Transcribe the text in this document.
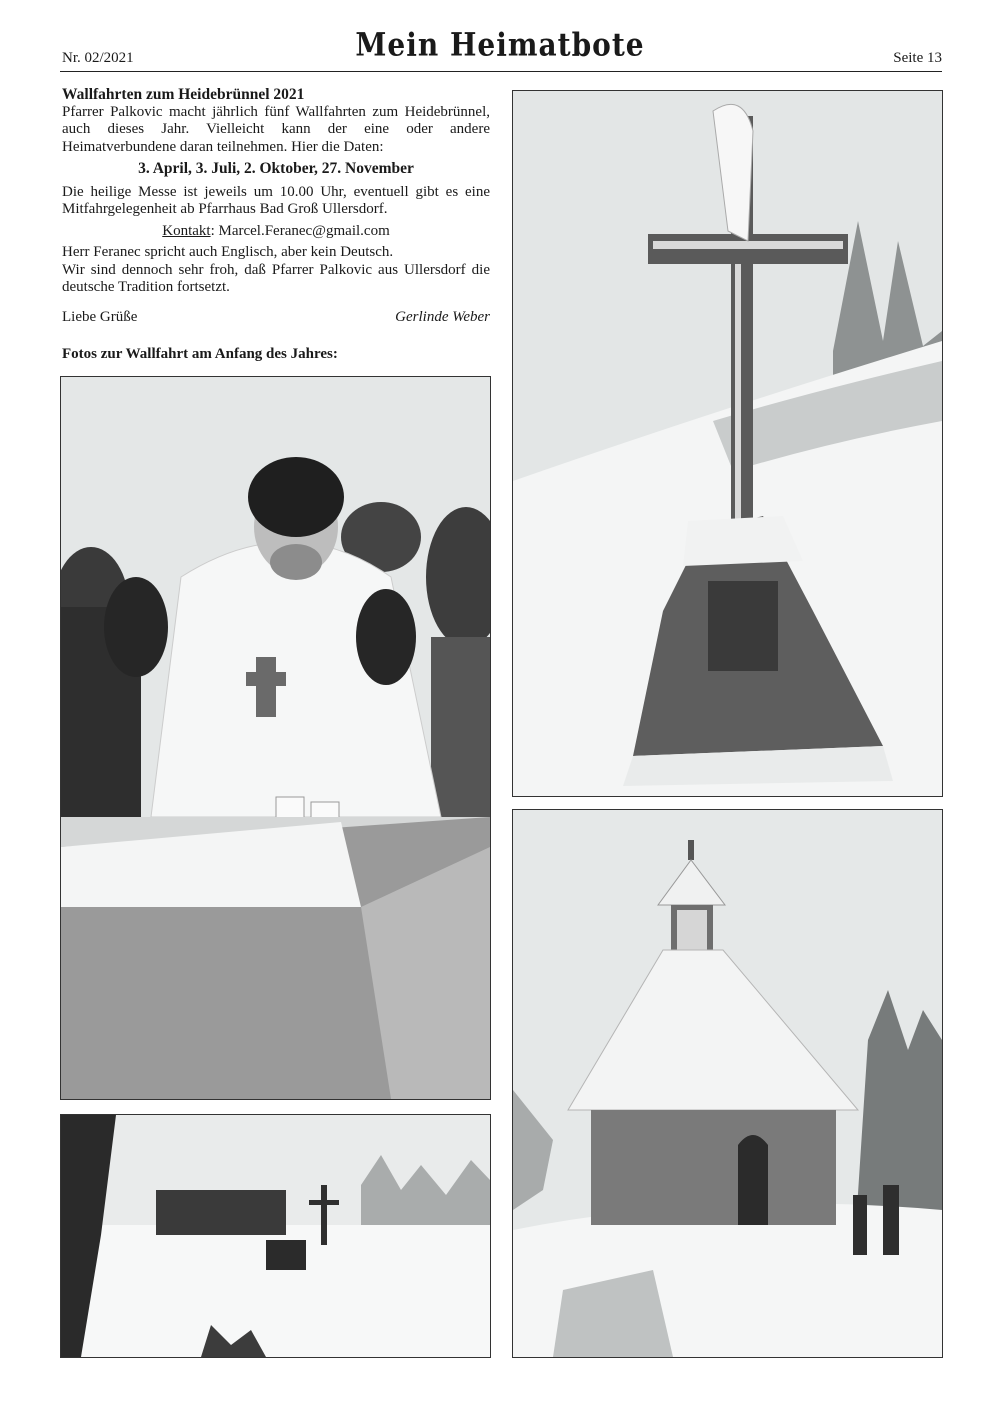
Nr. 02/2021	Mein Heimatbote	Seite 13
Wallfahrten zum Heidebrünnel 2021

Pfarrer Palkovic macht jährlich fünf Wallfahrten zum Heidebrünnel, auch dieses Jahr. Vielleicht kann der eine oder andere Heimatverbundene daran teilnehmen. Hier die Daten:

3. April, 3. Juli, 2. Oktober, 27. November

Die heilige Messe ist jeweils um 10.00 Uhr, eventuell gibt es eine Mitfahrgelegenheit ab Pfarrhaus Bad Groß Ullersdorf.

Kontakt: Marcel.Feranec@gmail.com

Herr Feranec spricht auch Englisch, aber kein Deutsch.

Wir sind dennoch sehr froh, daß Pfarrer Palkovic aus Ullersdorf die deutsche Tradition fortsetzt.

Liebe Grüße	Gerlinde Weber

Fotos zur Wallfahrt am Anfang des Jahres:
